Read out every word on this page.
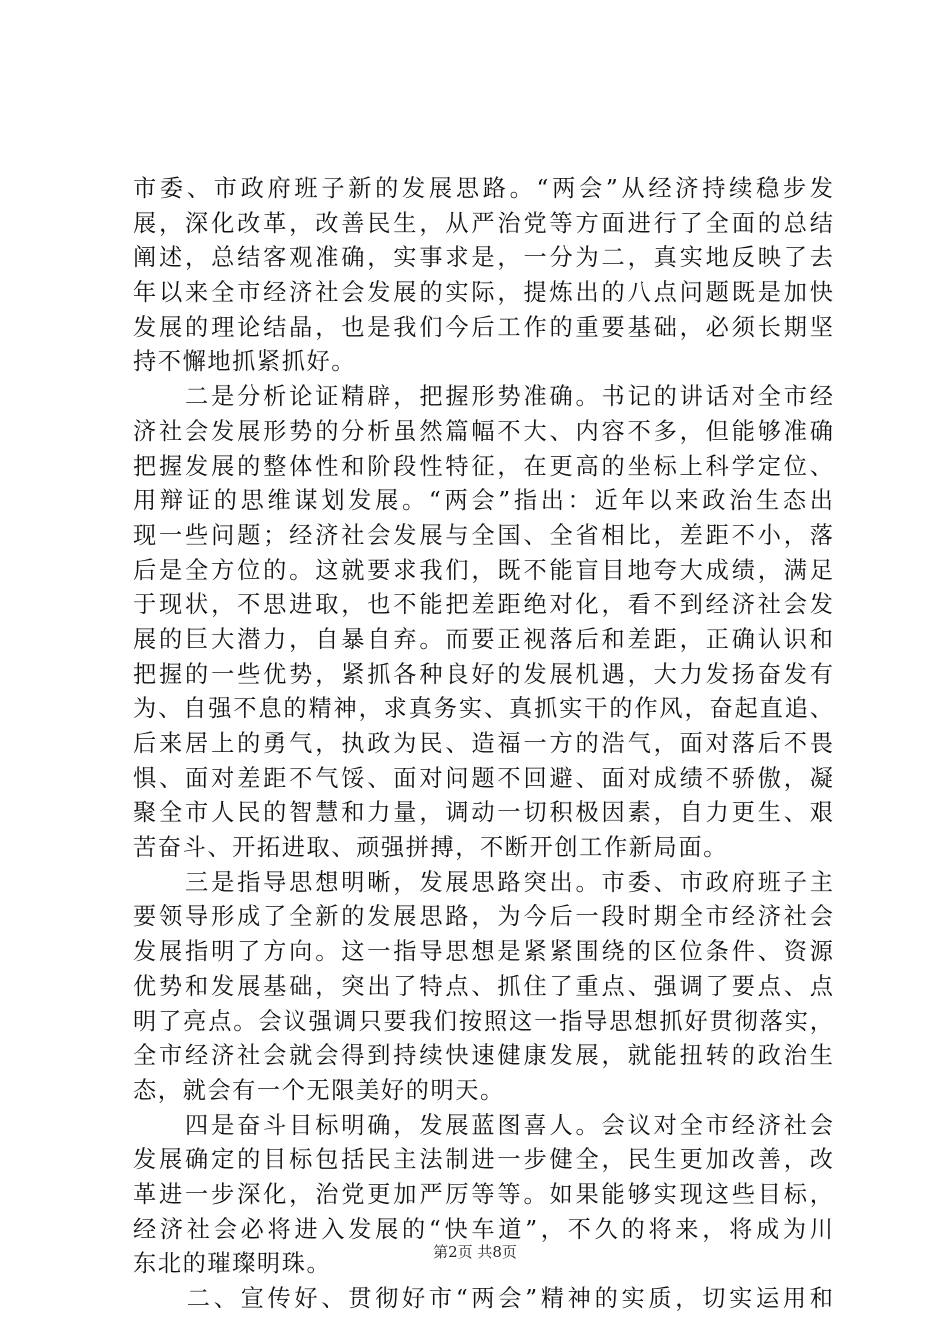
市委、市政府班子新的发展思路。“两会”从经济持续稳步发
展，深化改革，改善民生，从严治党等方面进行了全面的总结
阐述，总结客观准确，实事求是，一分为二，真实地反映了去
年以来全市经济社会发展的实际，提炼出的八点问题既是加快
发展的理论结晶，也是我们今后工作的重要基础，必须长期坚
持不懈地抓紧抓好。
　　二是分析论证精辟，把握形势准确。书记的讲话对全市经
济社会发展形势的分析虽然篇幅不大、内容不多，但能够准确
把握发展的整体性和阶段性特征，在更高的坐标上科学定位、
用辩证的思维谋划发展。“两会”指出：近年以来政治生态出
现一些问题；经济社会发展与全国、全省相比，差距不小，落
后是全方位的。这就要求我们，既不能盲目地夸大成绩，满足
于现状，不思进取，也不能把差距绝对化，看不到经济社会发
展的巨大潜力，自暴自弃。而要正视落后和差距，正确认识和
把握的一些优势，紧抓各种良好的发展机遇，大力发扬奋发有
为、自强不息的精神，求真务实、真抓实干的作风，奋起直追、
后来居上的勇气，执政为民、造福一方的浩气，面对落后不畏
惧、面对差距不气馁、面对问题不回避、面对成绩不骄傲，凝
聚全市人民的智慧和力量，调动一切积极因素，自力更生、艰
苦奋斗、开拓进取、顽强拼搏，不断开创工作新局面。
　　三是指导思想明晰，发展思路突出。市委、市政府班子主
要领导形成了全新的发展思路，为今后一段时期全市经济社会
发展指明了方向。这一指导思想是紧紧围绕的区位条件、资源
优势和发展基础，突出了特点、抓住了重点、强调了要点、点
明了亮点。会议强调只要我们按照这一指导思想抓好贯彻落实，
全市经济社会就会得到持续快速健康发展，就能扭转的政治生
态，就会有一个无限美好的明天。
　　四是奋斗目标明确，发展蓝图喜人。会议对全市经济社会
发展确定的目标包括民主法制进一步健全，民生更加改善，改
革进一步深化，治党更加严厉等等。如果能够实现这些目标，
经济社会必将进入发展的“快车道”，不久的将来，将成为川
东北的璀璨明珠。
　　二、宣传好、贯彻好市“两会”精神的实质，切实运用和
第2页 共8页
